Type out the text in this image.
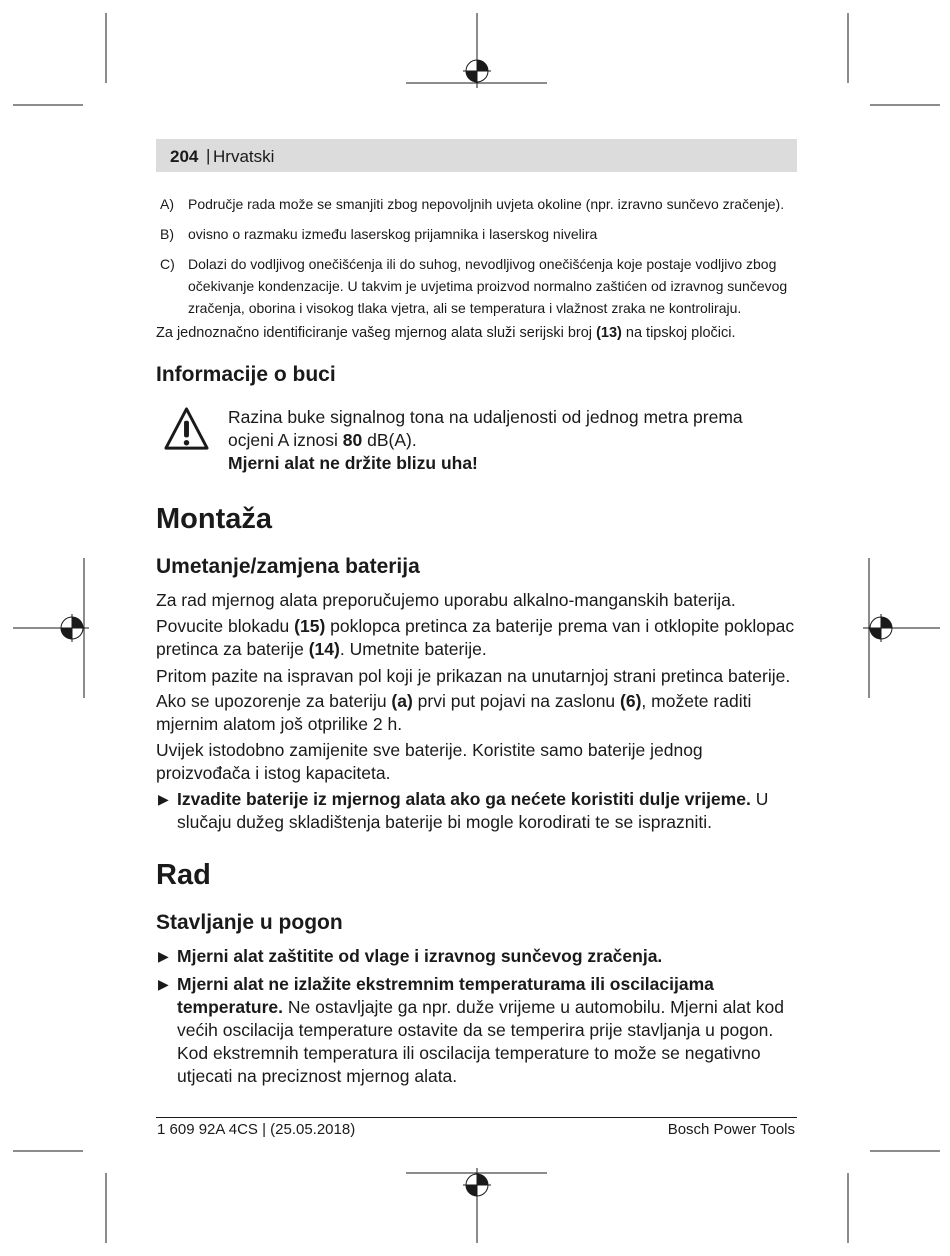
204 | Hrvatski
A) Područje rada može se smanjiti zbog nepovoljnih uvjeta okoline (npr. izravno sunčevo zračenje).
B) ovisno o razmaku između laserskog prijamnika i laserskog nivelira
C) Dolazi do vodljivog onečišćenja ili do suhog, nevodljivog onečišćenja koje postaje vodljivo zbog očekivanje kondenzacije. U takvim je uvjetima proizvod normalno zaštićen od izravnog sunčevog zračenja, oborina i visokog tlaka vjetra, ali se temperatura i vlažnost zraka ne kontroliraju.
Za jednoznačno identificiranje vašeg mjernog alata služi serijski broj (13) na tipskoj pločici.
Informacije o buci
Razina buke signalnog tona na udaljenosti od jednog metra prema ocjeni A iznosi 80 dB(A).
Mjerni alat ne držite blizu uha!
Montaža
Umetanje/zamjena baterija
Za rad mjernog alata preporučujemo uporabu alkalno-manganskih baterija.
Povucite blokadu (15) poklopca pretinca za baterije prema van i otklopite poklopac pretinca za baterije (14). Umetnite baterije.
Pritom pazite na ispravan pol koji je prikazan na unutarnjoj strani pretinca baterije.
Ako se upozorenje za bateriju (a) prvi put pojavi na zaslonu (6), možete raditi mjernim alatom još otprilike 2 h.
Uvijek istodobno zamijenite sve baterije. Koristite samo baterije jednog proizvođača i istog kapaciteta.
▶ Izvadite baterije iz mjernog alata ako ga nećete koristiti dulje vrijeme. U slučaju dužeg skladištenja baterije bi mogle korodirati te se isprazniti.
Rad
Stavljanje u pogon
▶ Mjerni alat zaštitite od vlage i izravnog sunčevog zračenja.
▶ Mjerni alat ne izlažite ekstremnim temperaturama ili oscilacijama temperature. Ne ostavljajte ga npr. duže vrijeme u automobilu. Mjerni alat kod većih oscilacija temperature ostavite da se temperira prije stavljanja u pogon. Kod ekstremnih temperatura ili oscilacija temperature to može se negativno utjecati na preciznost mjernog alata.
1 609 92A 4CS | (25.05.2018)	Bosch Power Tools
